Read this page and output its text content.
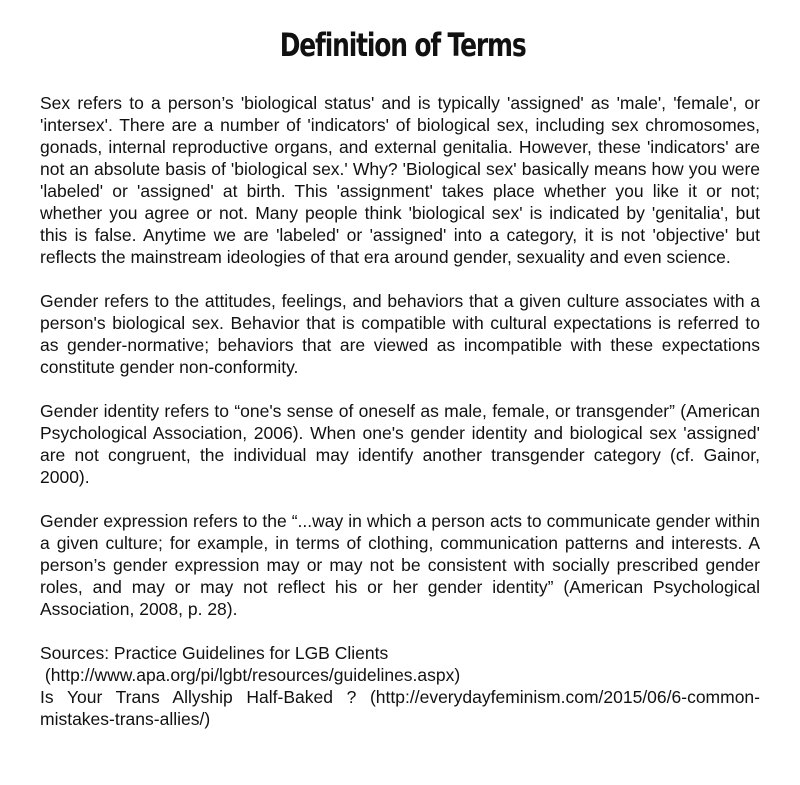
Definition of Terms

Sex refers to a person’s 'biological status' and is typically 'assigned' as 'male', 'female', or 'intersex'. There are a number of 'indicators' of biological sex, including sex chromosomes, gonads, internal reproductive organs, and external genitalia. However, these 'indicators' are not an absolute basis of 'biological sex.' Why? 'Biological sex' basically means how you were 'labeled' or 'assigned' at birth. This 'assignment' takes place whether you like it or not; whether you agree or not. Many people think 'biological sex' is indicated by 'genitalia', but this is false. Anytime we are 'labeled' or 'assigned' into a category, it is not 'objective' but reflects the mainstream ideologies of that era around gender, sexuality and even science.

Gender refers to the attitudes, feelings, and behaviors that a given culture associates with a person's biological sex. Behavior that is compatible with cultural expectations is referred to as gender-normative; behaviors that are viewed as incompatible with these expectations constitute gender non-conformity.

Gender identity refers to “one's sense of oneself as male, female, or transgender” (American Psychological Association, 2006). When one's gender identity and biological sex 'assigned' are not congruent, the individual may identify another transgender category (cf. Gainor, 2000).

Gender expression refers to the “...way in which a person acts to communicate gender within a given culture; for example, in terms of clothing, communication patterns and interests. A person’s gender expression may or may not be consistent with socially prescribed gender roles, and may or may not reflect his or her gender identity” (American Psychological Association, 2008, p. 28).

Sources: Practice Guidelines for LGB Clients
(http://www.apa.org/pi/lgbt/resources/guidelines.aspx)
Is Your Trans Allyship Half-Baked ? (http://everydayfeminism.com/2015/06/6-common-mistakes-trans-allies/)
